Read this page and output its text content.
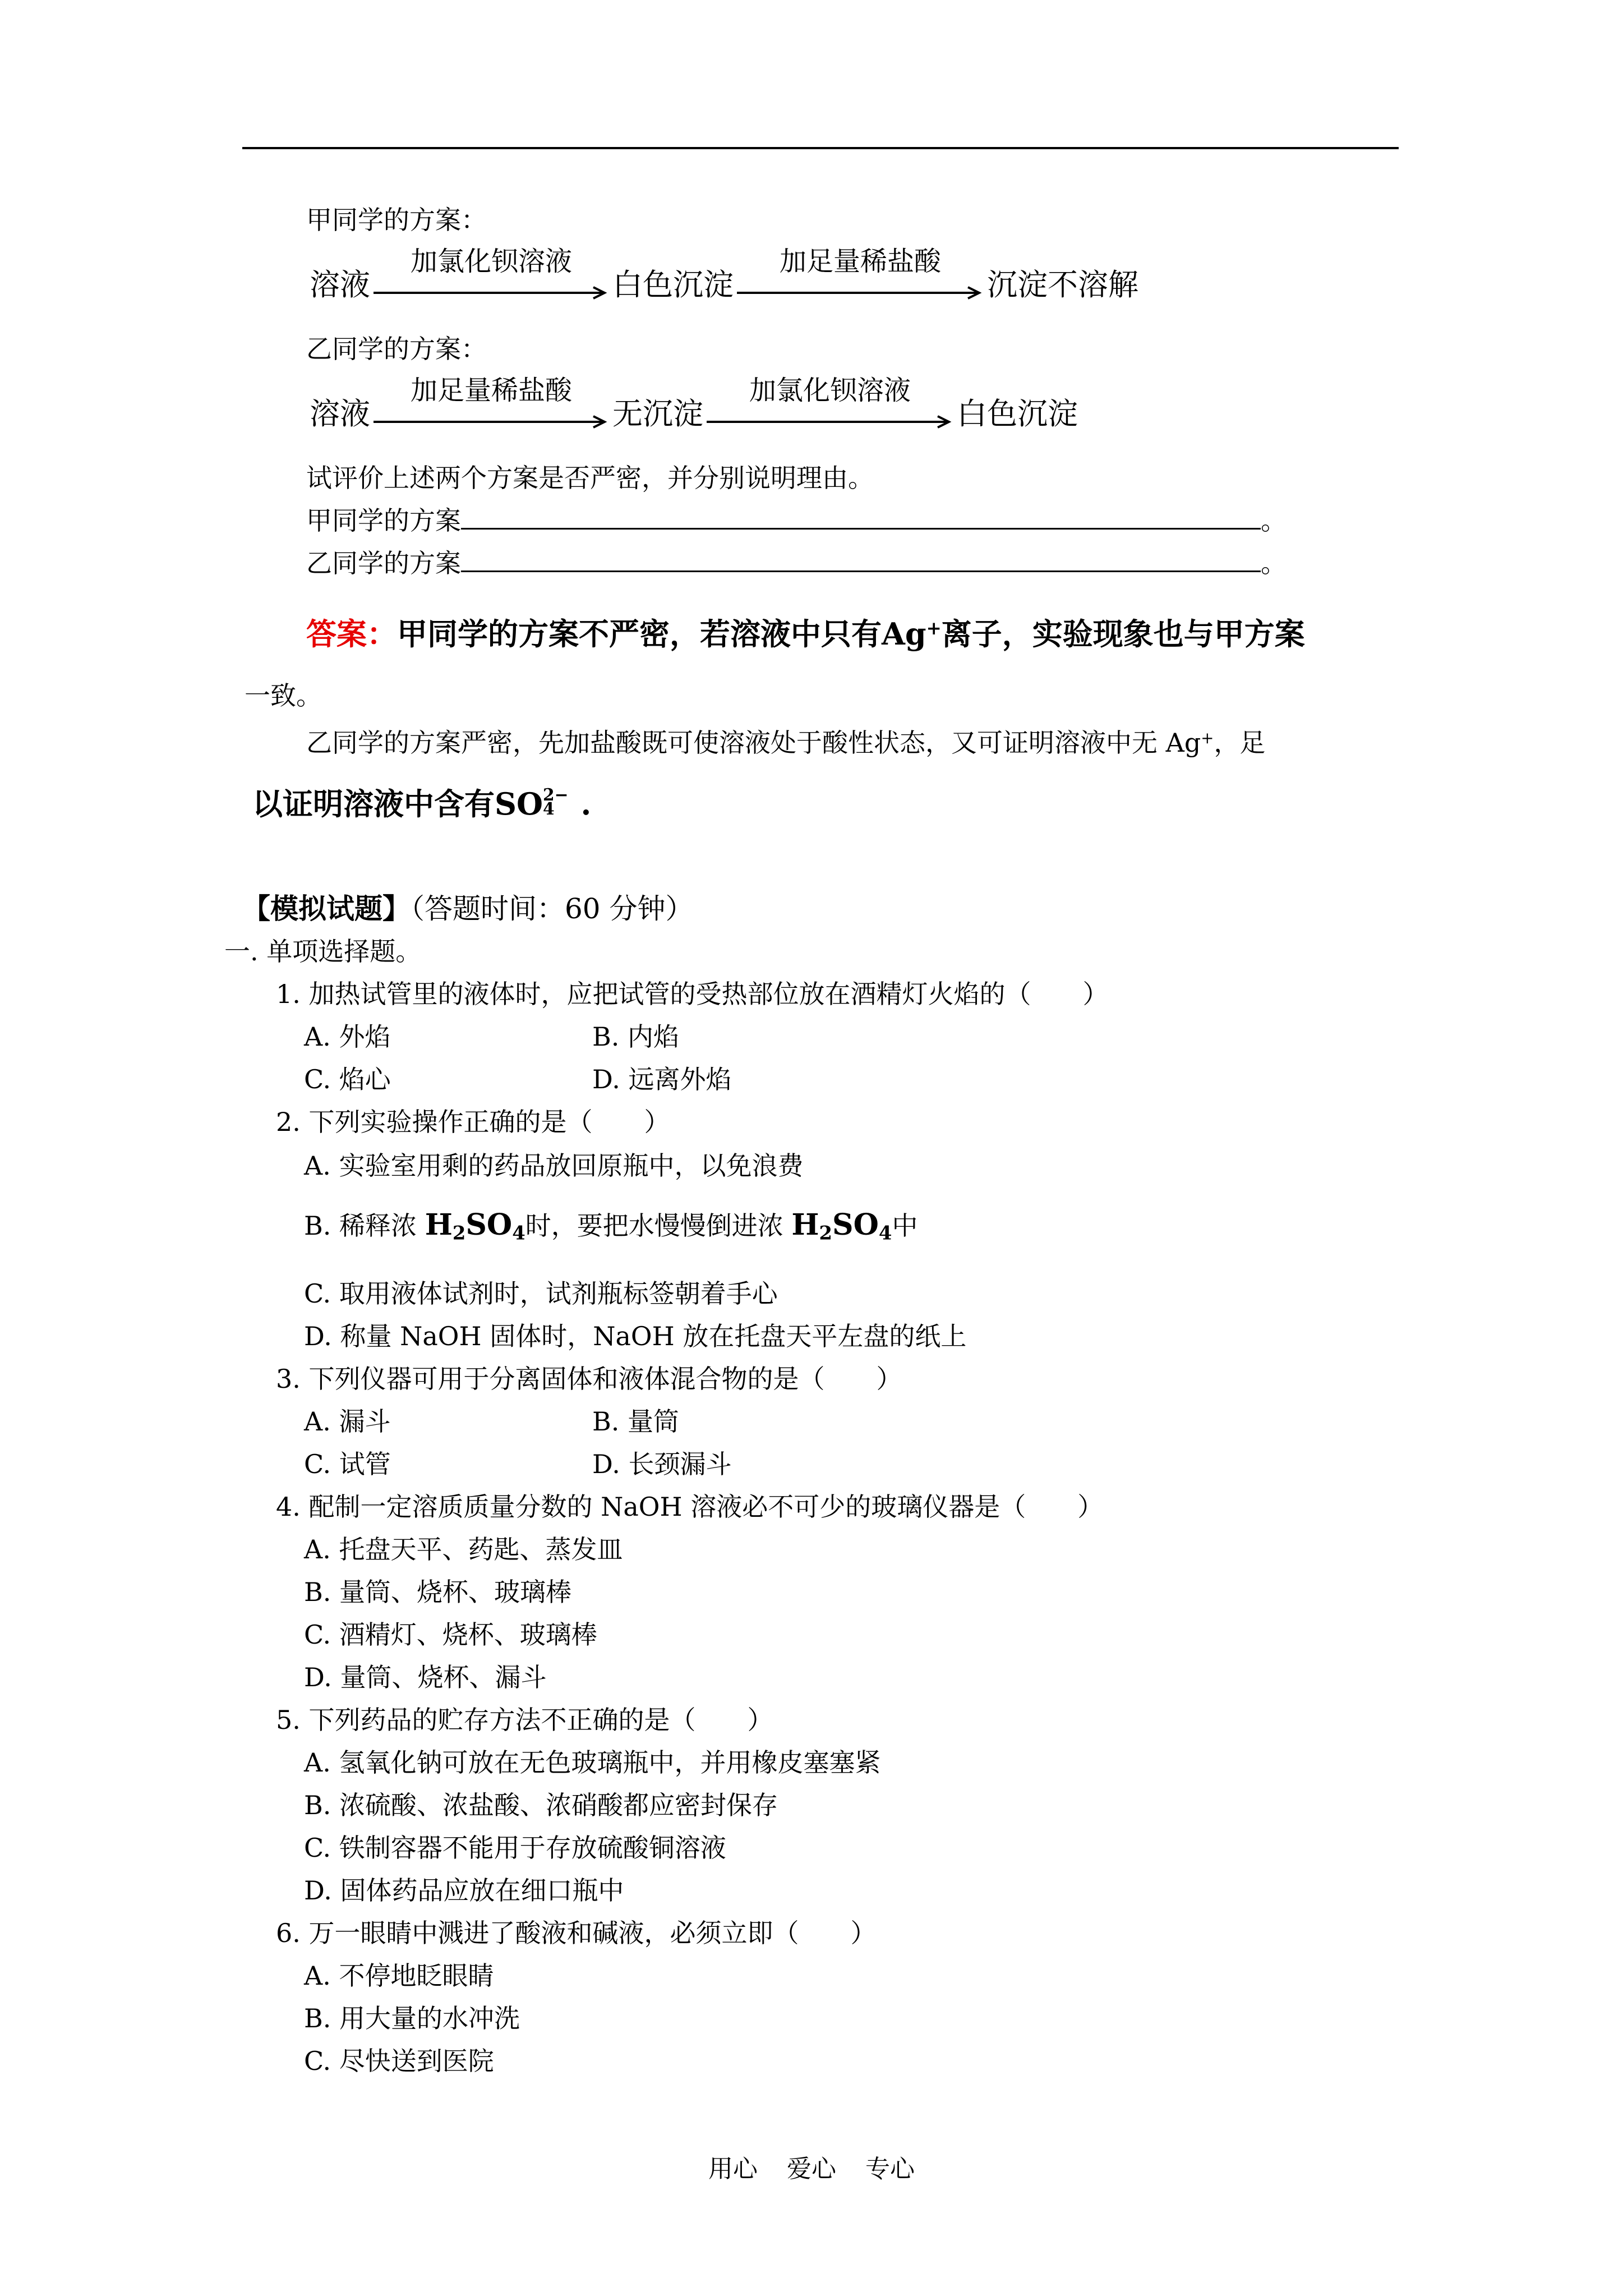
甲同学的方案：
溶液
加氯化钡溶液
白色沉淀
加足量稀盐酸
沉淀不溶解
乙同学的方案：
溶液
加足量稀盐酸
无沉淀
加氯化钡溶液
白色沉淀
试评价上述两个方案是否严密，并分别说明理由。
甲同学的方案	。
乙同学的方案	。
答案：甲同学的方案不严密，若溶液中只有Ag+离子，实验现象也与甲方案
一致。
乙同学的方案严密，先加盐酸既可使溶液处于酸性状态，又可证明溶液中无 Ag+，足
以证明溶液中含有SO 2−
4 .
【模拟试题】（答题时间：60 分钟）
一. 单项选择题。
1. 加热试管里的液体时，应把试管的受热部位放在酒精灯火焰的（　　）
A. 外焰	B. 内焰
C. 焰心	D. 远离外焰
2. 下列实验操作正确的是（　　）
A. 实验室用剩的药品放回原瓶中，以免浪费
B. 稀释浓 $H_2SO_4$时，要把水慢慢倒进浓 $H_2SO_4$中
C. 取用液体试剂时，试剂瓶标签朝着手心
D. 称量 NaOH 固体时，NaOH 放在托盘天平左盘的纸上
3. 下列仪器可用于分离固体和液体混合物的是（　　）
A. 漏斗	B. 量筒
C. 试管	D. 长颈漏斗
4. 配制一定溶质质量分数的 NaOH 溶液必不可少的玻璃仪器是（　　）
A. 托盘天平、药匙、蒸发皿
B. 量筒、烧杯、玻璃棒
C. 酒精灯、烧杯、玻璃棒
D. 量筒、烧杯、漏斗
5. 下列药品的贮存方法不正确的是（　　）
A. 氢氧化钠可放在无色玻璃瓶中，并用橡皮塞塞紧
B. 浓硫酸、浓盐酸、浓硝酸都应密封保存
C. 铁制容器不能用于存放硫酸铜溶液
D. 固体药品应放在细口瓶中
6. 万一眼睛中溅进了酸液和碱液，必须立即（　　）
A. 不停地眨眼睛
B. 用大量的水冲洗
C. 尽快送到医院
用心 爱心 专心
